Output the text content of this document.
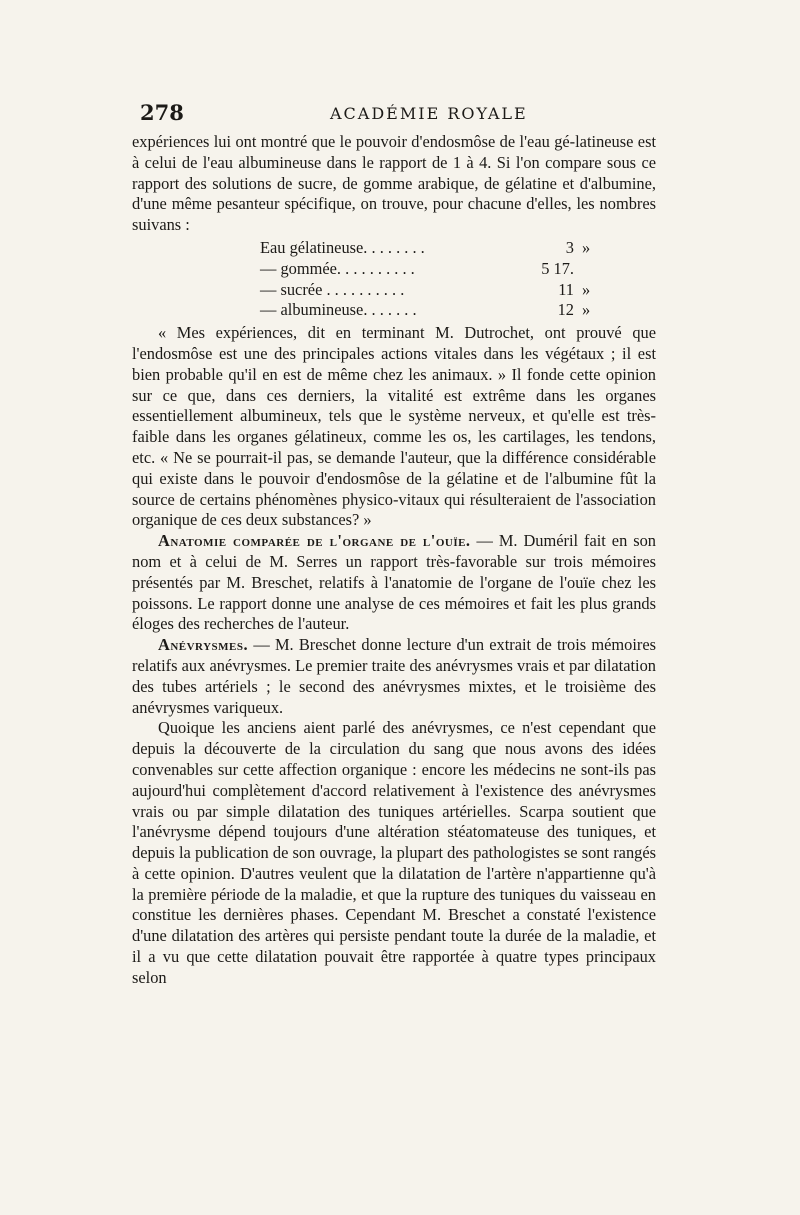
278	ACADÉMIE ROYALE

expériences lui ont montré que le pouvoir d'endosmôse de l'eau gé-latineuse est à celui de l'eau albumineuse dans le rapport de 1 à 4. Si l'on compare sous ce rapport des solutions de sucre, de gomme arabique, de gélatine et d'albumine, d'une même pesanteur spécifique, on trouve, pour chacune d'elles, les nombres suivans :

Eau gélatineuse. . . . . . . .	3 »
— gommée. . . . . . . . . .	5 17.
— sucrée . . . . . . . . . .	11 »
— albumineuse. . . . . . .	12 »

« Mes expériences, dit en terminant M. Dutrochet, ont prouvé que l'endosmôse est une des principales actions vitales dans les végétaux ; il est bien probable qu'il en est de même chez les animaux. » Il fonde cette opinion sur ce que, dans ces derniers, la vitalité est extrême dans les organes essentiellement albumineux, tels que le système nerveux, et qu'elle est très-faible dans les organes gélatineux, comme les os, les cartilages, les tendons, etc. « Ne se pourrait-il pas, se demande l'auteur, que la différence considérable qui existe dans le pouvoir d'endosmôse de la gélatine et de l'albumine fût la source de certains phénomènes physico-vitaux qui résulteraient de l'association organique de ces deux substances? »

Anatomie comparée de l'organe de l'ouïe. — M. Duméril fait en son nom et à celui de M. Serres un rapport très-favorable sur trois mémoires présentés par M. Breschet, relatifs à l'anatomie de l'organe de l'ouïe chez les poissons. Le rapport donne une analyse de ces mémoires et fait les plus grands éloges des recherches de l'auteur.

Anévrysmes. — M. Breschet donne lecture d'un extrait de trois mémoires relatifs aux anévrysmes. Le premier traite des anévrysmes vrais et par dilatation des tubes artériels ; le second des anévrysmes mixtes, et le troisième des anévrysmes variqueux.

Quoique les anciens aient parlé des anévrysmes, ce n'est cependant que depuis la découverte de la circulation du sang que nous avons des idées convenables sur cette affection organique : encore les médecins ne sont-ils pas aujourd'hui complètement d'accord relativement à l'existence des anévrysmes vrais ou par simple dilatation des tuniques artérielles. Scarpa soutient que l'anévrysme dépend toujours d'une altération stéatomateuse des tuniques, et depuis la publication de son ouvrage, la plupart des pathologistes se sont rangés à cette opinion. D'autres veulent que la dilatation de l'artère n'appartienne qu'à la première période de la maladie, et que la rupture des tuniques du vaisseau en constitue les dernières phases. Cependant M. Breschet a constaté l'existence d'une dilatation des artères qui persiste pendant toute la durée de la maladie, et il a vu que cette dilatation pouvait être rapportée à quatre types principaux selon
